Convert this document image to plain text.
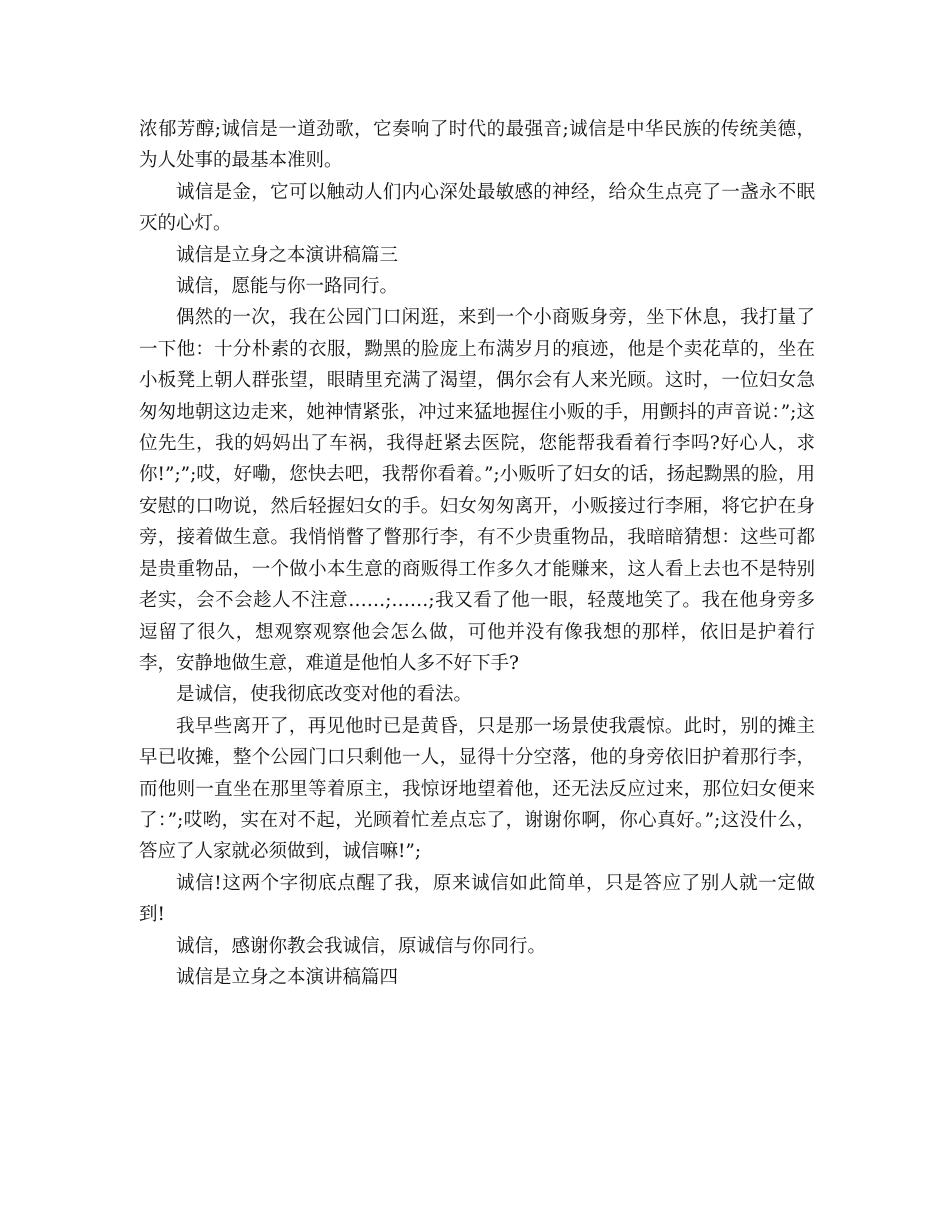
浓郁芳醇;诚信是一道劲歌，它奏响了时代的最强音;诚信是中华民族的传统美德，为人处事的最基本准则。

诚信是金，它可以触动人们内心深处最敏感的神经，给众生点亮了一盏永不眠灭的心灯。

诚信是立身之本演讲稿篇三

诚信，愿能与你一路同行。

偶然的一次，我在公园门口闲逛，来到一个小商贩身旁，坐下休息，我打量了一下他：十分朴素的衣服，黝黑的脸庞上布满岁月的痕迹，他是个卖花草的，坐在小板凳上朝人群张望，眼睛里充满了渴望，偶尔会有人来光顾。这时，一位妇女急匆匆地朝这边走来，她神情紧张，冲过来猛地握住小贩的手，用颤抖的声音说：”;这位先生，我的妈妈出了车祸，我得赶紧去医院，您能帮我看着行李吗?好心人，求你!”;”;哎，好嘞，您快去吧，我帮你看着。”;小贩听了妇女的话，扬起黝黑的脸，用安慰的口吻说，然后轻握妇女的手。妇女匆匆离开，小贩接过行李厢，将它护在身旁，接着做生意。我悄悄瞥了瞥那行李，有不少贵重物品，我暗暗猜想：这些可都是贵重物品，一个做小本生意的商贩得工作多久才能赚来，这人看上去也不是特别老实，会不会趁人不注意……;……;我又看了他一眼，轻蔑地笑了。我在他身旁多逗留了很久，想观察观察他会怎么做，可他并没有像我想的那样，依旧是护着行李，安静地做生意，难道是他怕人多不好下手?

是诚信，使我彻底改变对他的看法。

我早些离开了，再见他时已是黄昏，只是那一场景使我震惊。此时，别的摊主早已收摊，整个公园门口只剩他一人，显得十分空落，他的身旁依旧护着那行李，而他则一直坐在那里等着原主，我惊讶地望着他，还无法反应过来，那位妇女便来了：”;哎哟，实在对不起，光顾着忙差点忘了，谢谢你啊，你心真好。”;这没什么，答应了人家就必须做到，诚信嘛!”;

诚信!这两个字彻底点醒了我，原来诚信如此简单，只是答应了别人就一定做到!

诚信，感谢你教会我诚信，原诚信与你同行。

诚信是立身之本演讲稿篇四
